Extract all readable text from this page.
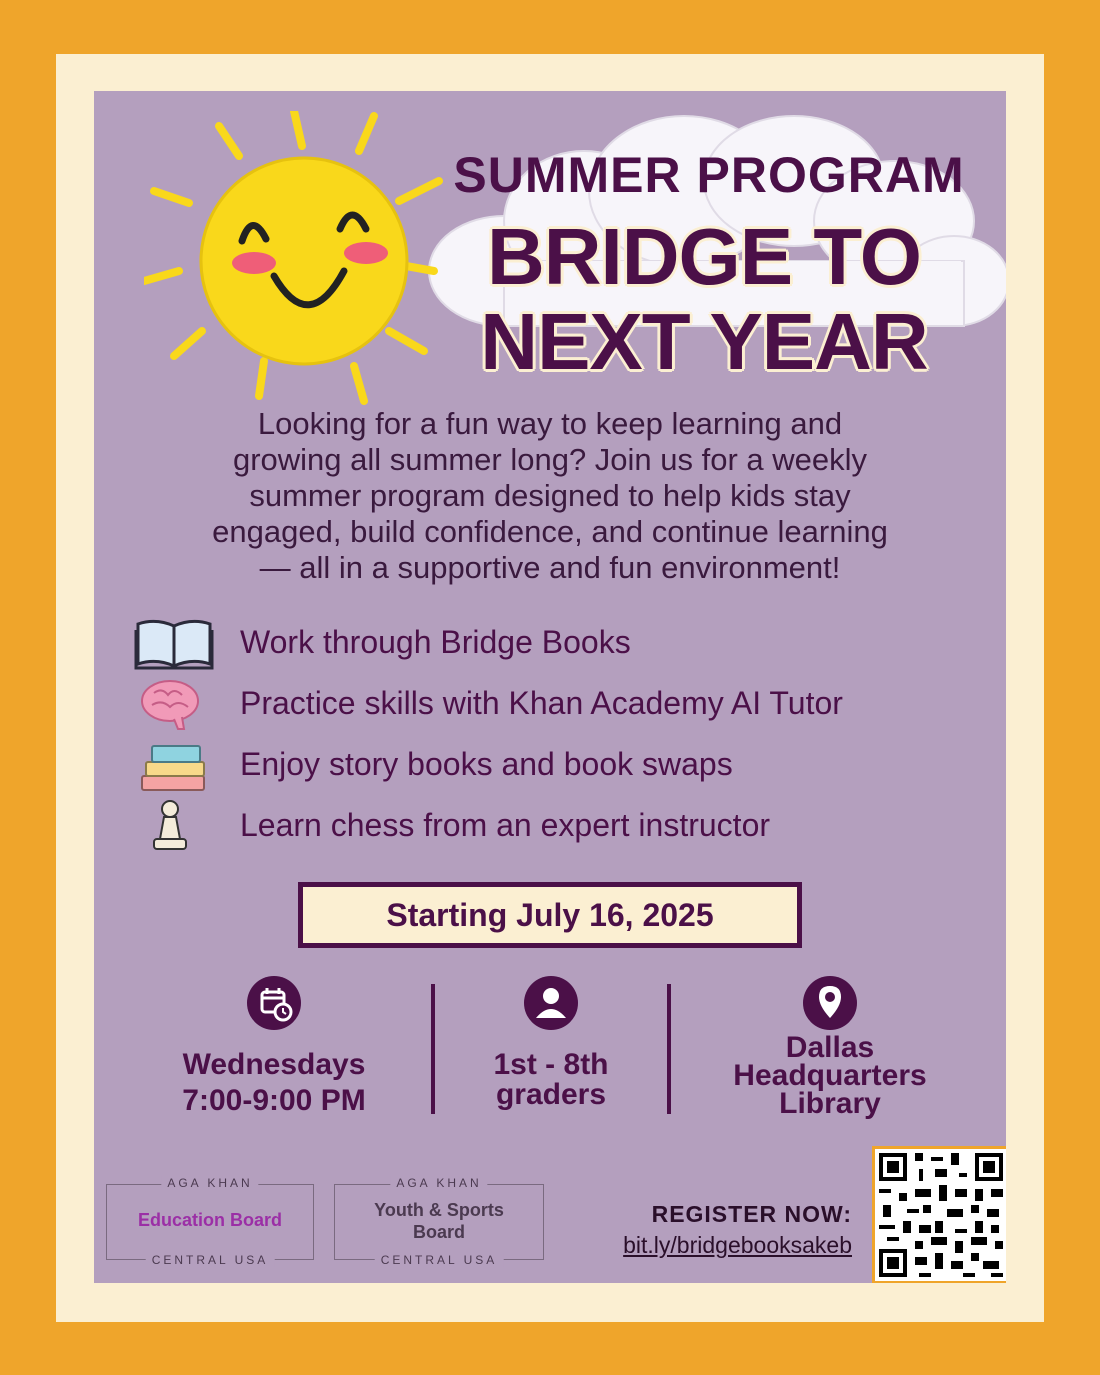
SUMMER PROGRAM
BRIDGE TO
NEXT YEAR
Looking for a fun way to keep learning and
growing all summer long? Join us for a weekly
summer program designed to help kids stay
engaged, build confidence, and continue learning
— all in a supportive and fun environment!
Work through Bridge Books
Practice skills with Khan Academy AI Tutor
Enjoy story books and book swaps
Learn chess from an expert instructor
Starting July 16, 2025
Wednesdays
7:00-9:00 PM
1st - 8th
graders
Dallas
Headquarters
Library
AGA KHAN
Education Board
CENTRAL USA
AGA KHAN
Youth & Sports
Board
CENTRAL USA
REGISTER NOW:
bit.ly/bridgebooksakeb
